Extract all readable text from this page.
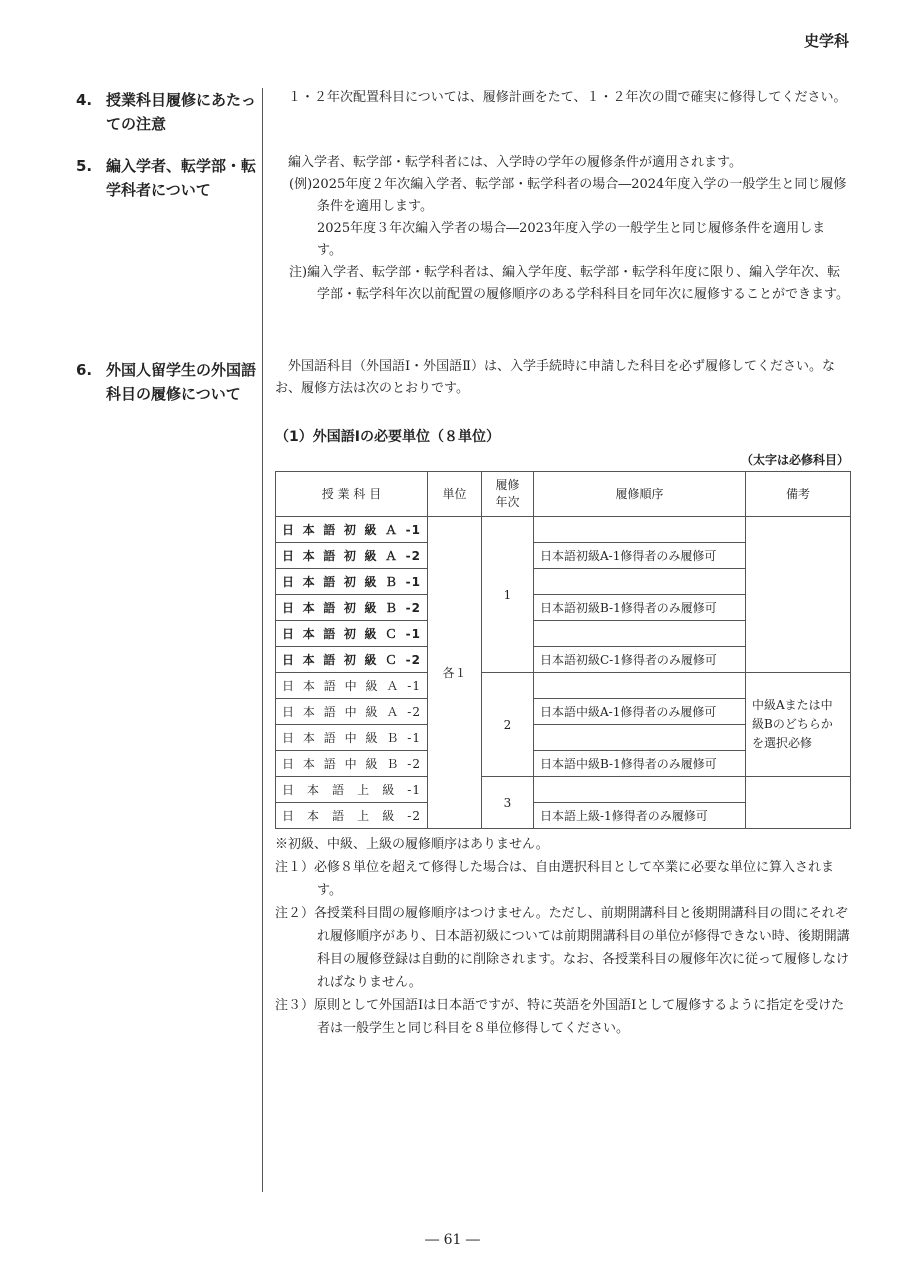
史学科
4. 授業科目履修にあたっての注意

１・２年次配置科目については、履修計画をたて、１・２年次の間で確実に修得してください。

5. 編入学者、転学部・転学科者について

編入学者、転学部・転学科者には、入学時の学年の履修条件が適用されます。

(例)2025年度２年次編入学者、転学部・転学科者の場合―2024年度入学の一般学生と同じ履修条件を適用します。

2025年度３年次編入学者の場合―2023年度入学の一般学生と同じ履修条件を適用します。

注)編入学者、転学部・転学科者は、編入学年度、転学部・転学科年度に限り、編入学年次、転学部・転学科年次以前配置の履修順序のある学科科目を同年次に履修することができます。

6. 外国人留学生の外国語科目の履修について

外国語科目（外国語Ⅰ・外国語Ⅱ）は、入学手続時に申請した科目を必ず履修してください。なお、履修方法は次のとおりです。

（1）外国語Ⅰの必要単位（８単位）
（太字は必修科目）
授 業 科 目	単位	履修年次	履修順序	備考
日本語初級Ａ-1	各１	1		
日本語初級Ａ-2			日本語初級A-1修得者のみ履修可	
日本語初級Ｂ-1				
日本語初級Ｂ-2			日本語初級B-1修得者のみ履修可	
日本語初級Ｃ-1				
日本語初級Ｃ-2			日本語初級C-1修得者のみ履修可	
日本語中級Ａ-1		2		中級Aまたは中級Bのどちらかを選択必修
日本語中級Ａ-2			日本語中級A-1修得者のみ履修可	
日本語中級Ｂ-1				
日本語中級Ｂ-2			日本語中級B-1修得者のみ履修可	
日本語上級-1		3		
日本語上級-2			日本語上級-1修得者のみ履修可	

※初級、中級、上級の履修順序はありません。

注１）必修８単位を超えて修得した場合は、自由選択科目として卒業に必要な単位に算入されます。

注２）各授業科目間の履修順序はつけません。ただし、前期開講科目と後期開講科目の間にそれぞれ履修順序があり、日本語初級については前期開講科目の単位が修得できない時、後期開講科目の履修登録は自動的に削除されます。なお、各授業科目の履修年次に従って履修しなければなりません。

注３）原則として外国語Ⅰは日本語ですが、特に英語を外国語Ⅰとして履修するように指定を受けた者は一般学生と同じ科目を８単位修得してください。

― 61 ―
